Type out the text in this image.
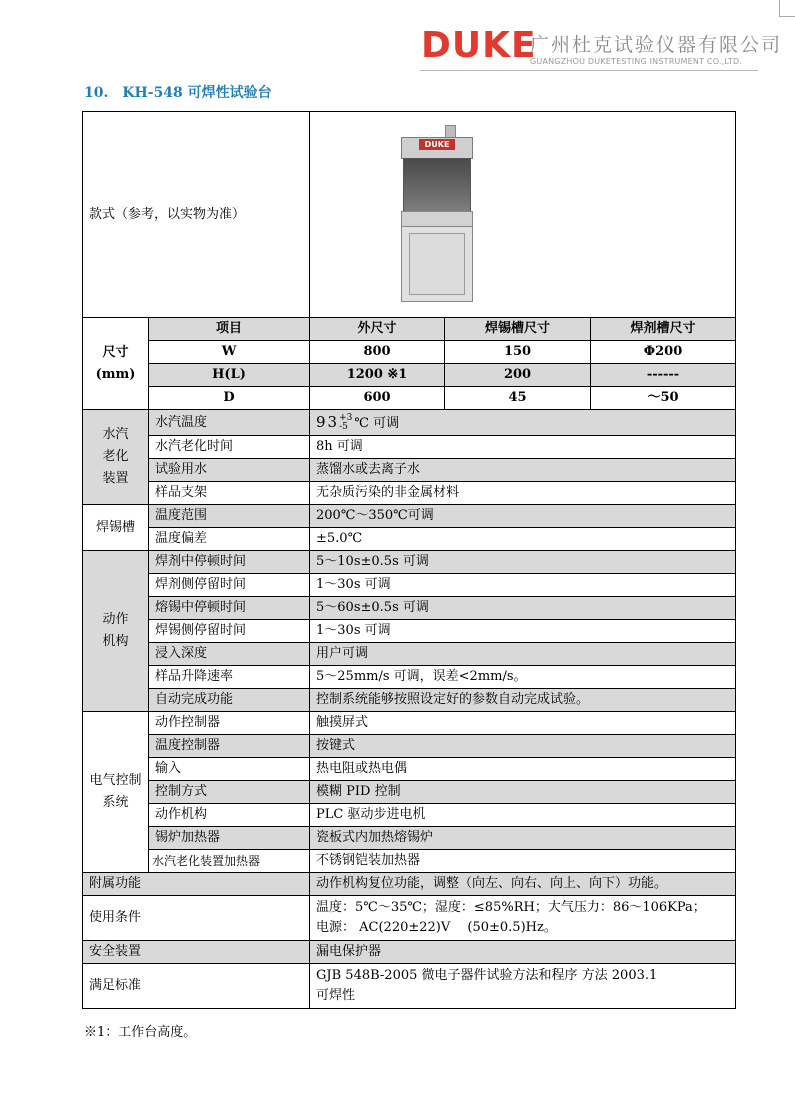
DUKE
广州杜克试验仪器有限公司
GUANGZHOU DUKETESTING INSTRUMENT CO.,LTD.
10. KH-548 可焊性试验台
款式（参考，以实物为准）		DUKE		

尺寸
(mm)	项目	外尺寸	焊锡槽尺寸	焊剂槽尺寸
	W	800	150	Φ200
	H(L)	1200 ※1	200	------
	D	600	45	～50
水汽老化装置	水汽温度	93 +3
-5 ℃ 可调		
	水汽老化时间	8h 可调		
	试验用水	蒸馏水或去离子水		
	样品支架	无杂质污染的非金属材料		
焊锡槽	温度范围	200℃～350℃可调		
	温度偏差	±5.0℃		
动作机构	焊剂中停顿时间	5～10s±0.5s 可调		
	焊剂侧停留时间	1～30s 可调		
	熔锡中停顿时间	5～60s±0.5s 可调		
	焊锡侧停留时间	1～30s 可调		
	浸入深度	用户可调		
	样品升降速率	5～25mm/s 可调，误差<2mm/s。		
	自动完成功能	控制系统能够按照设定好的参数自动完成试验。		
电气控制系统	动作控制器	触摸屏式		
	温度控制器	按键式		
	输入	热电阻或热电偶		
	控制方式	模糊 PID 控制		
	动作机构	PLC 驱动步进电机		
	锡炉加热器	瓷板式内加热熔锡炉		
	水汽老化装置加热器	不锈钢铠装加热器		
附属功能		动作机构复位功能，调整（向左、向右、向上、向下）功能。		
使用条件		温度：5℃～35℃；湿度：≤85%RH；大气压力：86～106KPa；
电源： AC(220±22)V　 (50±0.5)Hz。		

安全装置		漏电保护器		
满足标准		GJB 548B-2005 微电子器件试验方法和程序 方法 2003.1
可焊性		
※1：工作台高度。
